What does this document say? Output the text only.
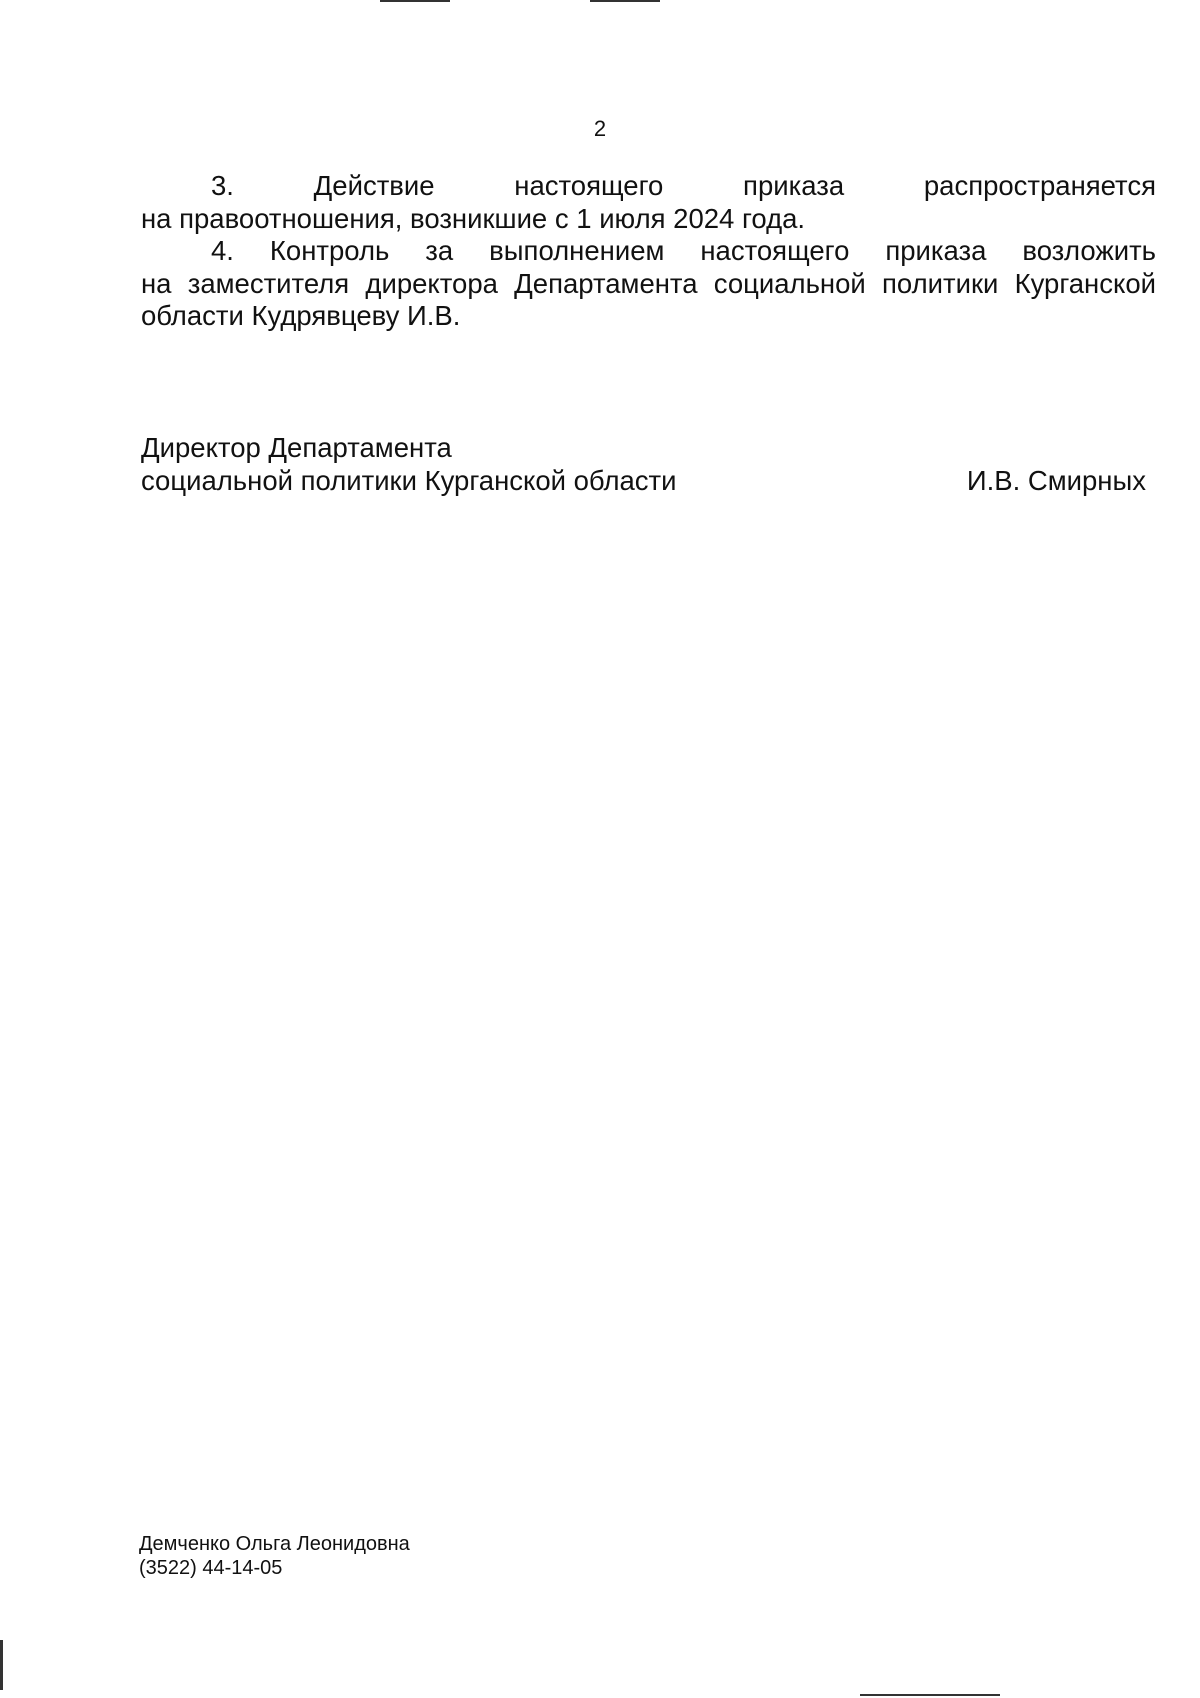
2

3. Действие настоящего приказа распространяется
на правоотношения, возникшие с 1 июля 2024 года.

4. Контроль за выполнением настоящего приказа возложить
на заместителя директора Департамента социальной политики Курганской области Кудрявцеву И.В.

Директор Департамента
социальной политики Курганской области	И.В. Смирных
Демченко Ольга Леонидовна
(3522) 44-14-05
